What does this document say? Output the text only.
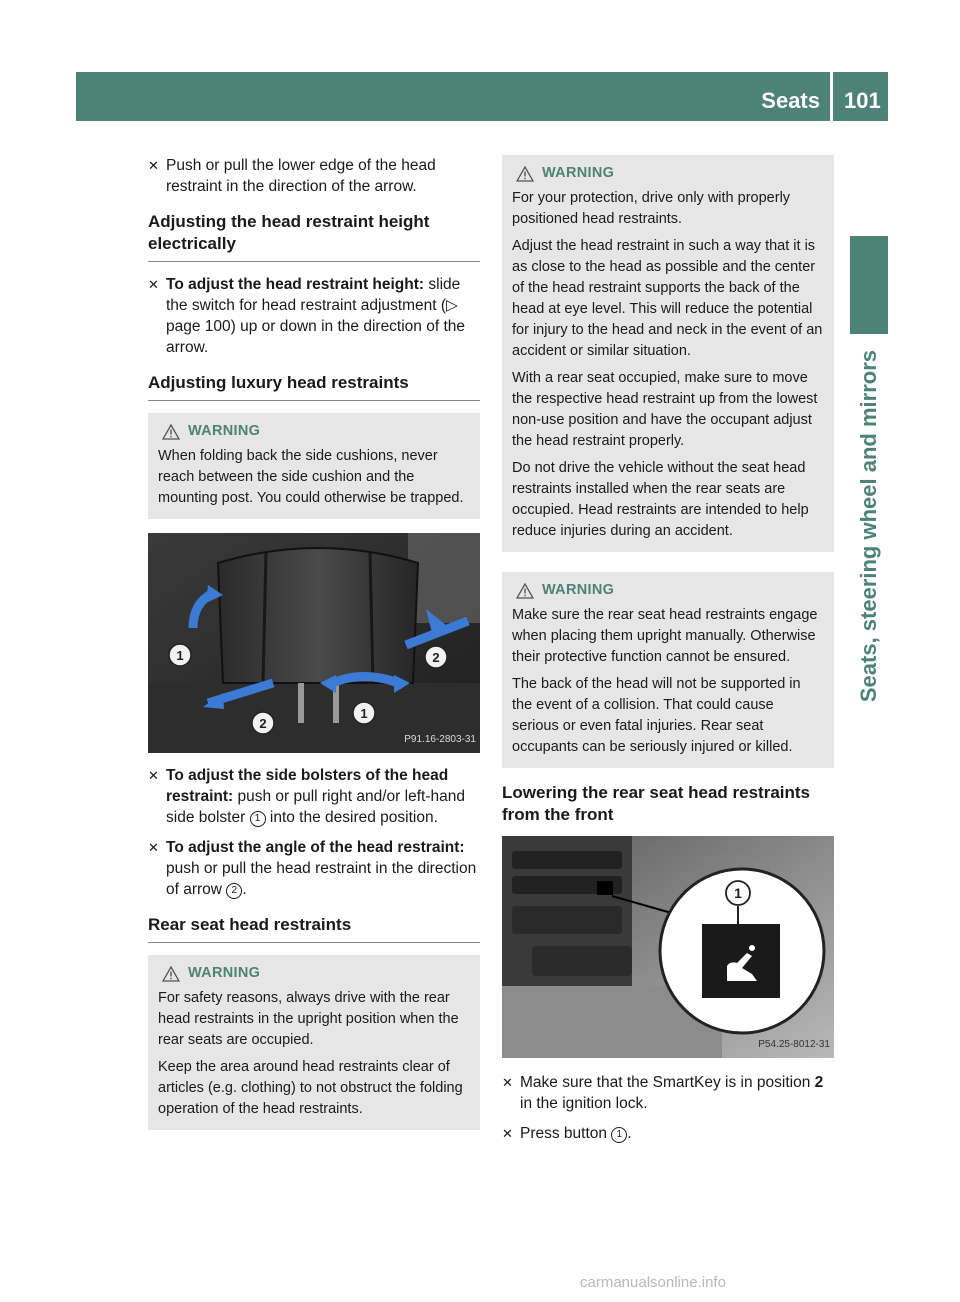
Seats 101
Seats, steering wheel and mirrors
✕ Push or pull the lower edge of the head restraint in the direction of the arrow.
Adjusting the head restraint height electrically
✕ To adjust the head restraint height: slide the switch for head restraint adjustment (▷ page 100) up or down in the direction of the arrow.
Adjusting luxury head restraints
WARNING

When folding back the side cushions, never reach between the side cushion and the mounting post. You could otherwise be trapped.

1	2
2
1
P91.16-2803-31
✕ To adjust the side bolsters of the head restraint: push or pull right and/or left-hand side bolster 1 into the desired position.
✕ To adjust the angle of the head restraint: push or pull the head restraint in the direction of arrow 2 .
Rear seat head restraints
WARNING

For safety reasons, always drive with the rear head restraints in the upright position when the rear seats are occupied.

Keep the area around head restraints clear of articles (e.g. clothing) to not obstruct the folding operation of the head restraints.

WARNING

For your protection, drive only with properly positioned head restraints.

Adjust the head restraint in such a way that it is as close to the head as possible and the center of the head restraint supports the back of the head at eye level. This will reduce the potential for injury to the head and neck in the event of an accident or similar situation.

With a rear seat occupied, make sure to move the respective head restraint up from the lowest non-use position and have the occupant adjust the head restraint properly.

Do not drive the vehicle without the seat head restraints installed when the rear seats are occupied. Head restraints are intended to help reduce injuries during an accident.

WARNING

Make sure the rear seat head restraints engage when placing them upright manually. Otherwise their protective function cannot be ensured.

The back of the head will not be supported in the event of a collision. That could cause serious or even fatal injuries. Rear seat occupants can be seriously injured or killed.

Lowering the rear seat head restraints from the front
1
P54.25-8012-31
✕ Make sure that the SmartKey is in position 2 in the ignition lock.
✕ Press button 1 .
carmanualsonline.info
